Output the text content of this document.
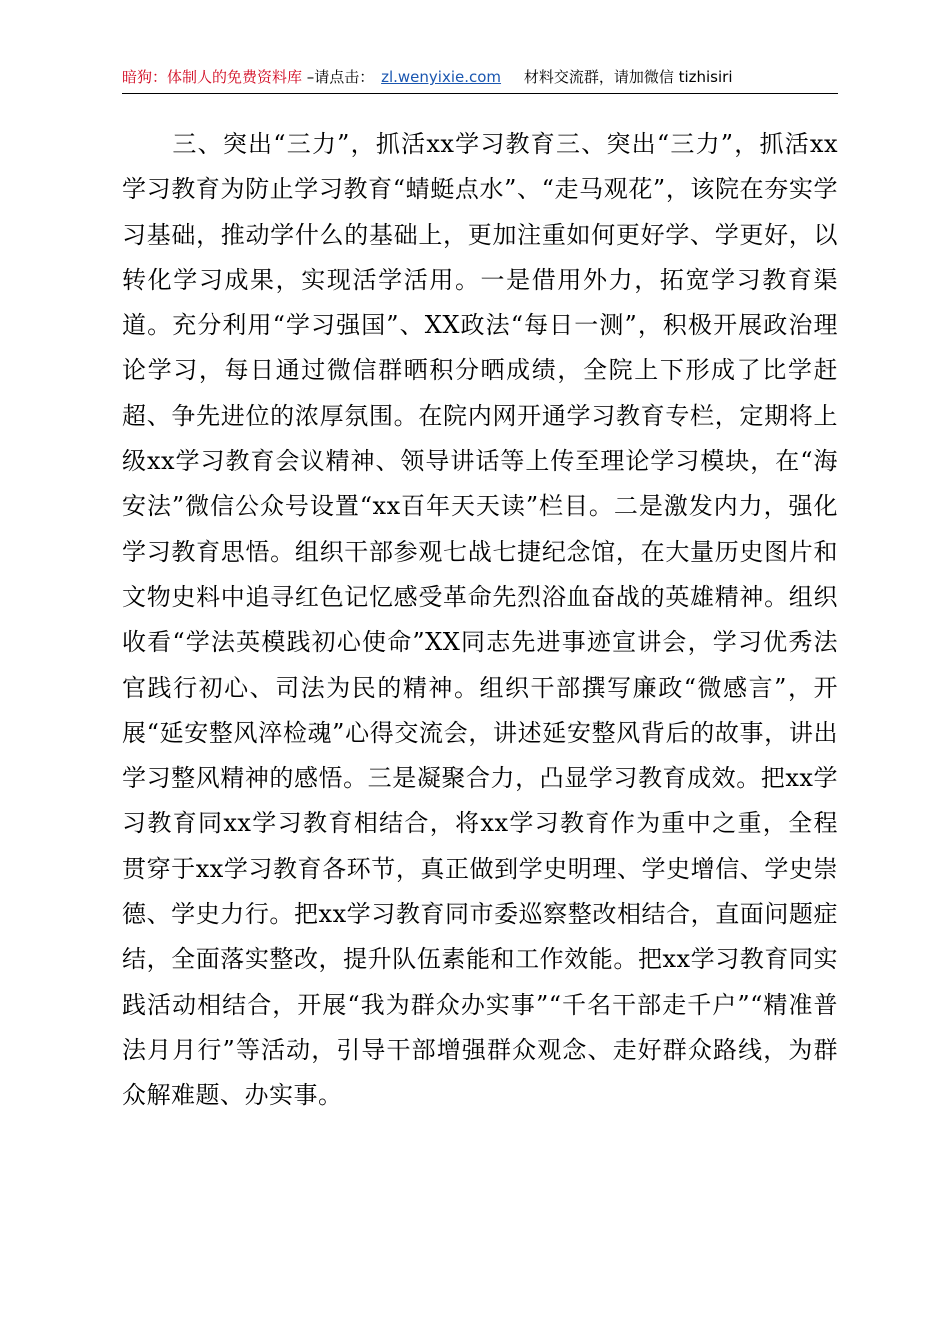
暗狗：体制人的免费资料库 –请点击： zl.wenyixie.com 材料交流群，请加微信 tizhisiri

三、突出“三力”，抓活xx学习教育三、突出“三力”，抓活xx学习教育为防止学习教育“蜻蜓点水”、“走马观花”，该院在夯实学习基础，推动学什么的基础上，更加注重如何更好学、学更好，以转化学习成果，实现活学活用。一是借用外力，拓宽学习教育渠道。充分利用“学习强国”、XX政法“每日一测”，积极开展政治理论学习，每日通过微信群晒积分晒成绩，全院上下形成了比学赶超、争先进位的浓厚氛围。在院内网开通学习教育专栏，定期将上级xx学习教育会议精神、领导讲话等上传至理论学习模块，在“海安法”微信公众号设置“xx百年天天读”栏目。二是激发内力，强化学习教育思悟。组织干部参观七战七捷纪念馆，在大量历史图片和文物史料中追寻红色记忆感受革命先烈浴血奋战的英雄精神。组织收看“学法英模践初心使命”XX同志先进事迹宣讲会，学习优秀法官践行初心、司法为民的精神。组织干部撰写廉政“微感言”，开展“延安整风淬检魂”心得交流会，讲述延安整风背后的故事，讲出学习整风精神的感悟。三是凝聚合力，凸显学习教育成效。把xx学习教育同xx学习教育相结合，将xx学习教育作为重中之重，全程贯穿于xx学习教育各环节，真正做到学史明理、学史增信、学史崇德、学史力行。把xx学习教育同市委巡察整改相结合，直面问题症结，全面落实整改，提升队伍素能和工作效能。把xx学习教育同实践活动相结合，开展“我为群众办实事”“千名干部走千户”“精准普法月月行”等活动，引导干部增强群众观念、走好群众路线，为群众解难题、办实事。
